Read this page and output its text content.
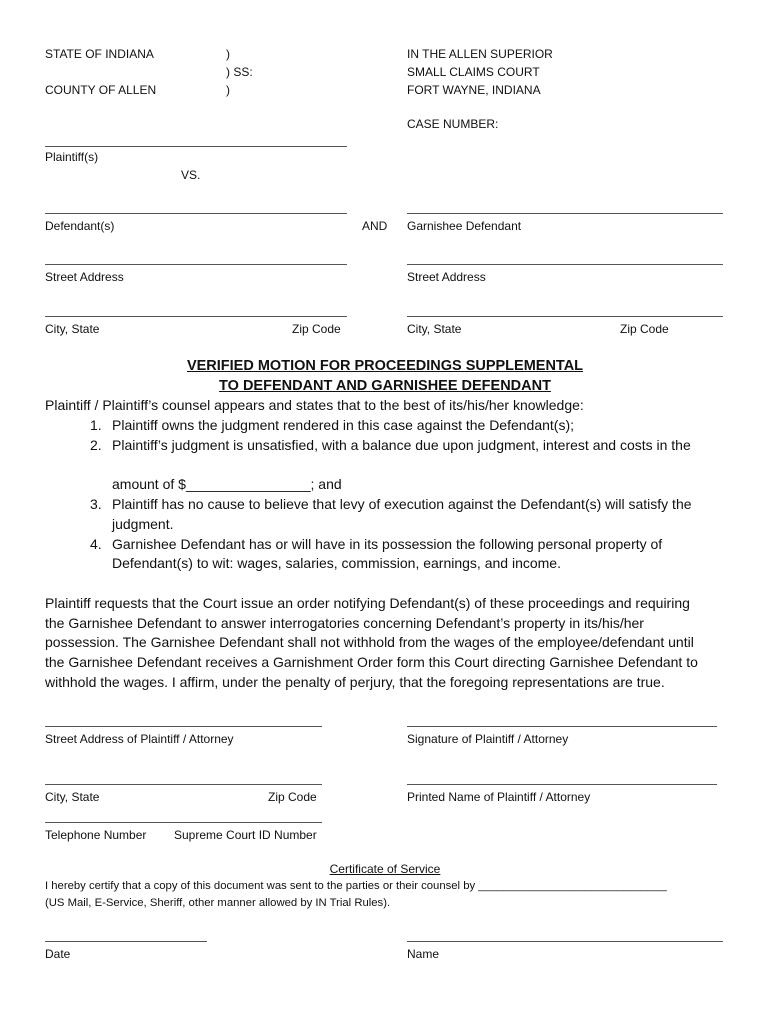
STATE OF INDIANA
COUNTY OF ALLEN
)
) SS:
)
IN THE ALLEN SUPERIOR
SMALL CLAIMS COURT
FORT WAYNE, INDIANA
CASE NUMBER:
Plaintiff(s)
VS.
Defendant(s)	AND Garnishee Defendant
Street Address	Street Address
City, State	Zip Code	City, State	Zip Code
VERIFIED MOTION FOR PROCEEDINGS SUPPLEMENTAL
TO DEFENDANT AND GARNISHEE DEFENDANT
Plaintiff / Plaintiff’s counsel appears and states that to the best of its/his/her knowledge:
1. Plaintiff owns the judgment rendered in this case against the Defendant(s);
2. Plaintiff’s judgment is unsatisfied, with a balance due upon judgment, interest and costs in the
amount of $________________; and
3. Plaintiff has no cause to believe that levy of execution against the Defendant(s) will satisfy the
judgment.
4. Garnishee Defendant has or will have in its possession the following personal property of
Defendant(s) to wit: wages, salaries, commission, earnings, and income.
Plaintiff requests that the Court issue an order notifying Defendant(s) of these proceedings and requiring
the Garnishee Defendant to answer interrogatories concerning Defendant’s property in its/his/her
possession. The Garnishee Defendant shall not withhold from the wages of the employee/defendant until
the Garnishee Defendant receives a Garnishment Order form this Court directing Garnishee Defendant to
withhold the wages. I affirm, under the penalty of perjury, that the foregoing representations are true.
Street Address of Plaintiff / Attorney	Signature of Plaintiff / Attorney
City, State	Zip Code	Printed Name of Plaintiff / Attorney
Telephone Number Supreme Court ID Number
Certificate of Service
I hereby certify that a copy of this document was sent to the parties or their counsel by ______________________________
(US Mail, E-Service, Sheriff, other manner allowed by IN Trial Rules).
Date	Name
